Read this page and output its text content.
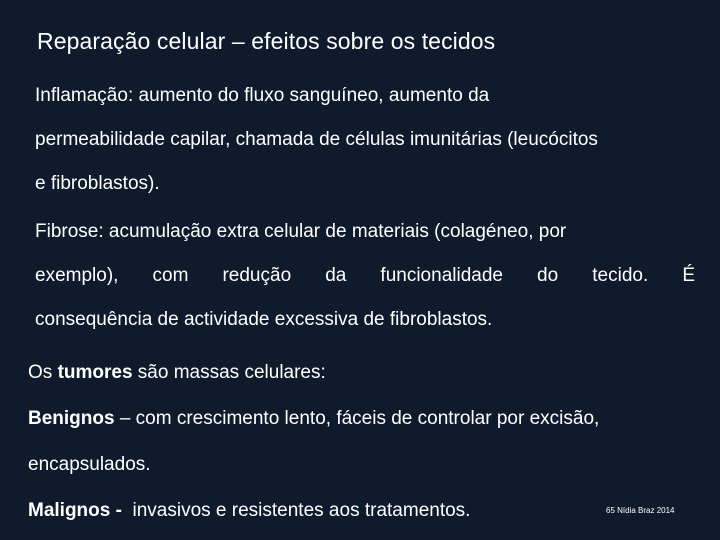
Reparação celular – efeitos sobre os tecidos
Inflamação: aumento do fluxo sanguíneo, aumento da
permeabilidade capilar, chamada de células imunitárias (leucócitos
e fibroblastos).
Fibrose: acumulação extra celular de materiais (colagéneo, por
exemplo), com redução da funcionalidade do tecido. É
consequência de actividade excessiva de fibroblastos.
Os tumores são massas celulares:
Benignos – com crescimento lento, fáceis de controlar por excisão,
encapsulados.
Malignos -  invasivos e resistentes aos tratamentos.	65 Nídia Braz 2014
